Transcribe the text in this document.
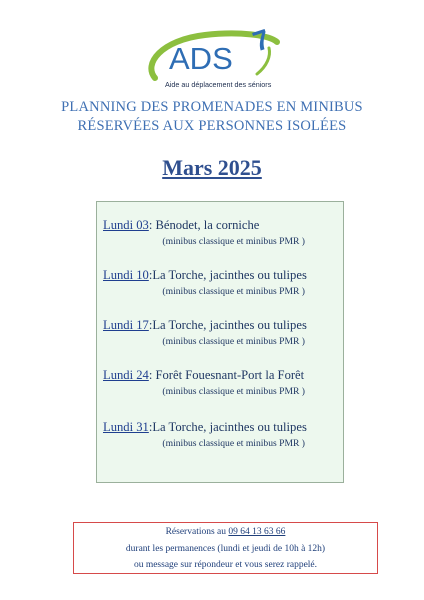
ADS
7
Aide au déplacement des séniors
PLANNING DES PROMENADES EN MINIBUS
RÉSERVÉES AUX PERSONNES ISOLÉES
Mars 2025
Lundi 03: Bénodet, la corniche
(minibus classique et minibus PMR )
Lundi 10:La Torche, jacinthes ou tulipes
(minibus classique et minibus PMR )
Lundi 17:La Torche, jacinthes ou tulipes
(minibus classique et minibus PMR )
Lundi 24: Forêt Fouesnant-Port la Forêt
(minibus classique et minibus PMR )
Lundi 31:La Torche, jacinthes ou tulipes
(minibus classique et minibus PMR )
Réservations au 09 64 13 63 66
durant les permanences (lundi et jeudi de 10h à 12h)
ou message sur répondeur et vous serez rappelé.
